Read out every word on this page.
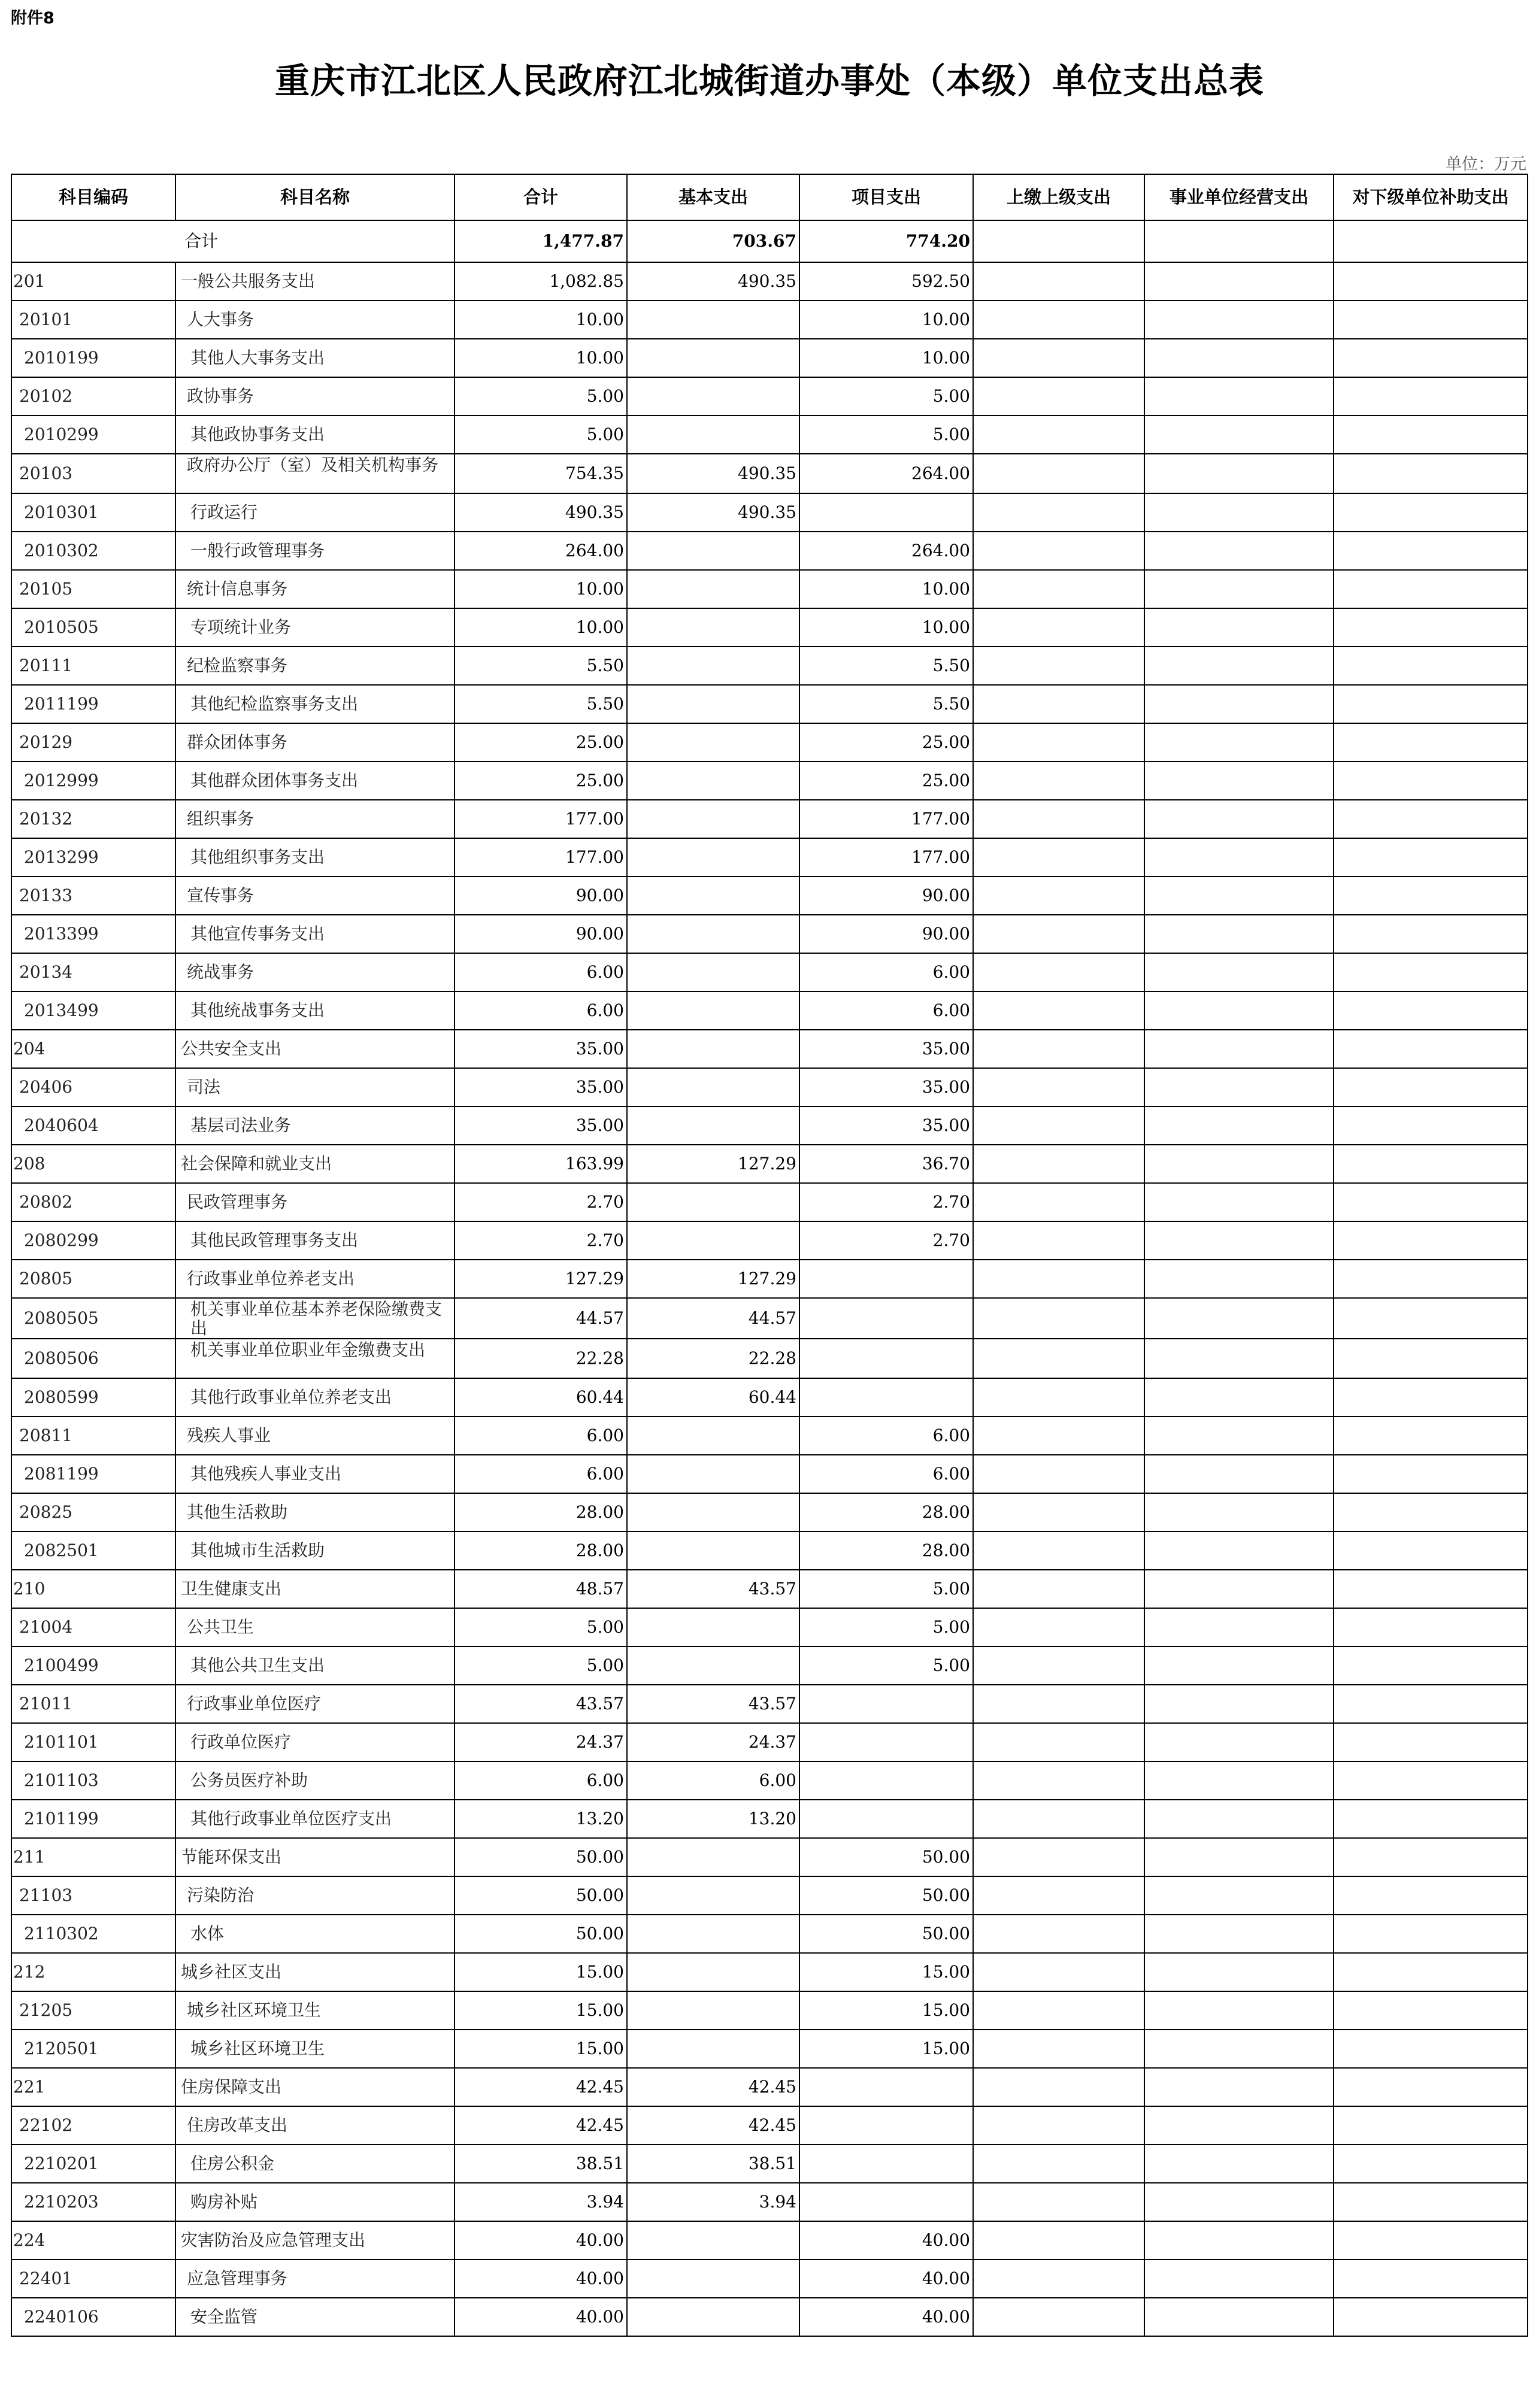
附件8
重庆市江北区人民政府江北城街道办事处（本级）单位支出总表
单位：万元
科目编码	科目名称	合计	基本支出	项目支出	上缴上级支出	事业单位经营支出	对下级单位补助支出
合计		1,477.87	703.67	774.20			
201	一般公共服务支出	1,082.85	490.35	592.50			
20101	人大事务	10.00		10.00			
2010199	其他人大事务支出	10.00		10.00			
20102	政协事务	5.00		5.00			
2010299	其他政协事务支出	5.00		5.00			
20103	政府办公厅（室）及相关机构事务	754.35	490.35	264.00			
2010301	行政运行	490.35	490.35				
2010302	一般行政管理事务	264.00		264.00			
20105	统计信息事务	10.00		10.00			
2010505	专项统计业务	10.00		10.00			
20111	纪检监察事务	5.50		5.50			
2011199	其他纪检监察事务支出	5.50		5.50			
20129	群众团体事务	25.00		25.00			
2012999	其他群众团体事务支出	25.00		25.00			
20132	组织事务	177.00		177.00			
2013299	其他组织事务支出	177.00		177.00			
20133	宣传事务	90.00		90.00			
2013399	其他宣传事务支出	90.00		90.00			
20134	统战事务	6.00		6.00			
2013499	其他统战事务支出	6.00		6.00			
204	公共安全支出	35.00		35.00			
20406	司法	35.00		35.00			
2040604	基层司法业务	35.00		35.00			
208	社会保障和就业支出	163.99	127.29	36.70			
20802	民政管理事务	2.70		2.70			
2080299	其他民政管理事务支出	2.70		2.70			
20805	行政事业单位养老支出	127.29	127.29				
2080505	机关事业单位基本养老保险缴费支出	44.57	44.57				
2080506	机关事业单位职业年金缴费支出	22.28	22.28				
2080599	其他行政事业单位养老支出	60.44	60.44				
20811	残疾人事业	6.00		6.00			
2081199	其他残疾人事业支出	6.00		6.00			
20825	其他生活救助	28.00		28.00			
2082501	其他城市生活救助	28.00		28.00			
210	卫生健康支出	48.57	43.57	5.00			
21004	公共卫生	5.00		5.00			
2100499	其他公共卫生支出	5.00		5.00			
21011	行政事业单位医疗	43.57	43.57				
2101101	行政单位医疗	24.37	24.37				
2101103	公务员医疗补助	6.00	6.00				
2101199	其他行政事业单位医疗支出	13.20	13.20				
211	节能环保支出	50.00		50.00			
21103	污染防治	50.00		50.00			
2110302	水体	50.00		50.00			
212	城乡社区支出	15.00		15.00			
21205	城乡社区环境卫生	15.00		15.00			
2120501	城乡社区环境卫生	15.00		15.00			
221	住房保障支出	42.45	42.45				
22102	住房改革支出	42.45	42.45				
2210201	住房公积金	38.51	38.51				
2210203	购房补贴	3.94	3.94				
224	灾害防治及应急管理支出	40.00		40.00			
22401	应急管理事务	40.00		40.00			
2240106	安全监管	40.00		40.00			
